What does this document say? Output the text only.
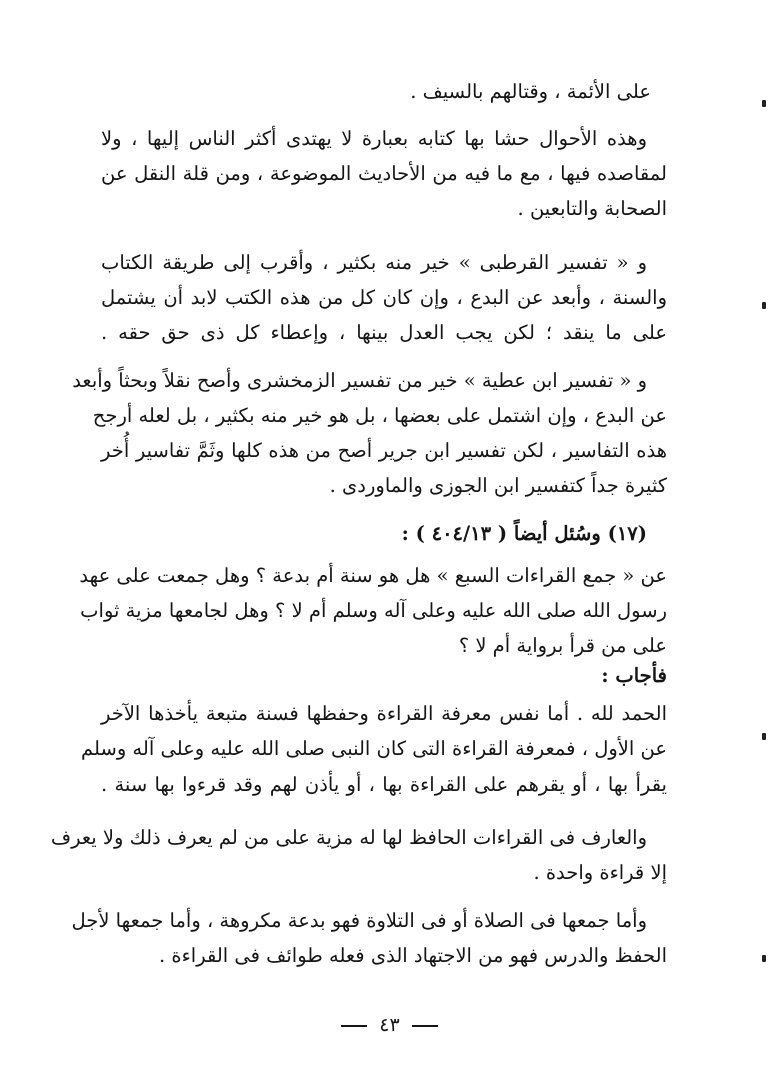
على الأئمة ، وقتالهم بالسيف .
وهذه الأحوال حشا بها كتابه بعبارة لا يهتدى أكثر الناس إليها ، ولا
لمقاصده فيها ، مع ما فيه من الأحاديث الموضوعة ، ومن قلة النقل عن
الصحابة والتابعين .
و « تفسير القرطبى » خير منه بكثير ، وأقرب إلى طريقة الكتاب
والسنة ، وأبعد عن البدع ، وإن كان كل من هذه الكتب لابد أن يشتمل
على ما ينقد ؛ لكن يجب العدل بينها ، وإعطاء كل ذى حق حقه .
و « تفسير ابن عطية » خير من تفسير الزمخشرى وأصح نقلاً وبحثاً وأبعد
عن البدع ، وإن اشتمل على بعضها ، بل هو خير منه بكثير ، بل لعله أرجح
هذه التفاسير ، لكن تفسير ابن جرير أصح من هذه كلها وثَمَّ تفاسير أُخر
كثيرة جداً كتفسير ابن الجوزى والماوردى .
(١٧) وسُئل أيضاً ( ٤٠٤/١٣ ) :
عن « جمع القراءات السبع » هل هو سنة أم بدعة ؟ وهل جمعت على عهد
رسول الله صلى الله عليه وعلى آله وسلم أم لا ؟ وهل لجامعها مزية ثواب
على من قرأ برواية أم لا ؟
فأجاب :
الحمد لله . أما نفس معرفة القراءة وحفظها فسنة متبعة يأخذها الآخر
عن الأول ، فمعرفة القراءة التى كان النبى صلى الله عليه وعلى آله وسلم
يقرأ بها ، أو يقرهم على القراءة بها ، أو يأذن لهم وقد قرءوا بها سنة .
والعارف فى القراءات الحافظ لها له مزية على من لم يعرف ذلك ولا يعرف
إلا قراءة واحدة .
وأما جمعها فى الصلاة أو فى التلاوة فهو بدعة مكروهة ، وأما جمعها لأجل
الحفظ والدرس فهو من الاجتهاد الذى فعله طوائف فى القراءة .
٤٣
